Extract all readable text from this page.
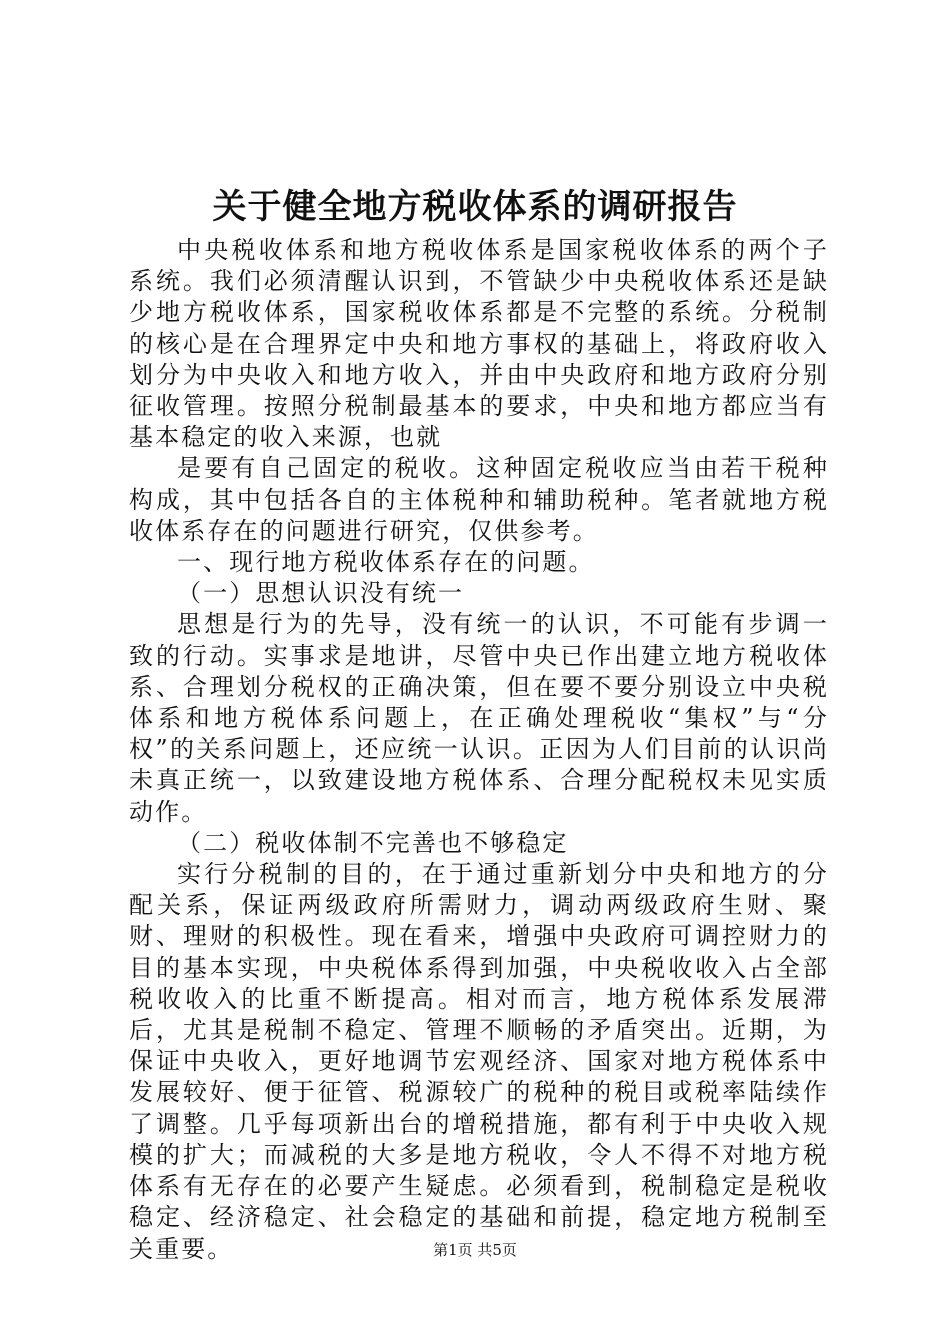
关于健全地方税收体系的调研报告

中央税收体系和地方税收体系是国家税收体系的两个子系统。我们必须清醒认识到，不管缺少中央税收体系还是缺少地方税收体系，国家税收体系都是不完整的系统。分税制的核心是在合理界定中央和地方事权的基础上，将政府收入划分为中央收入和地方收入，并由中央政府和地方政府分别征收管理。按照分税制最基本的要求，中央和地方都应当有基本稳定的收入来源，也就

是要有自己固定的税收。这种固定税收应当由若干税种构成，其中包括各自的主体税种和辅助税种。笔者就地方税收体系存在的问题进行研究，仅供参考。

一、现行地方税收体系存在的问题。

（一）思想认识没有统一

思想是行为的先导，没有统一的认识，不可能有步调一致的行动。实事求是地讲，尽管中央已作出建立地方税收体系、合理划分税权的正确决策，但在要不要分别设立中央税体系和地方税体系问题上，在正确处理税收“集权”与“分权”的关系问题上，还应统一认识。正因为人们目前的认识尚未真正统一，以致建设地方税体系、合理分配税权未见实质动作。

（二）税收体制不完善也不够稳定

实行分税制的目的，在于通过重新划分中央和地方的分配关系，保证两级政府所需财力，调动两级政府生财、聚财、理财的积极性。现在看来，增强中央政府可调控财力的目的基本实现，中央税体系得到加强，中央税收收入占全部税收收入的比重不断提高。相对而言，地方税体系发展滞后，尤其是税制不稳定、管理不顺畅的矛盾突出。近期，为保证中央收入，更好地调节宏观经济、国家对地方税体系中发展较好、便于征管、税源较广的税种的税目或税率陆续作了调整。几乎每项新出台的增税措施，都有利于中央收入规模的扩大；而减税的大多是地方税收，令人不得不对地方税体系有无存在的必要产生疑虑。必须看到，税制稳定是税收稳定、经济稳定、社会稳定的基础和前提，稳定地方税制至关重要。	第1页 共5页
